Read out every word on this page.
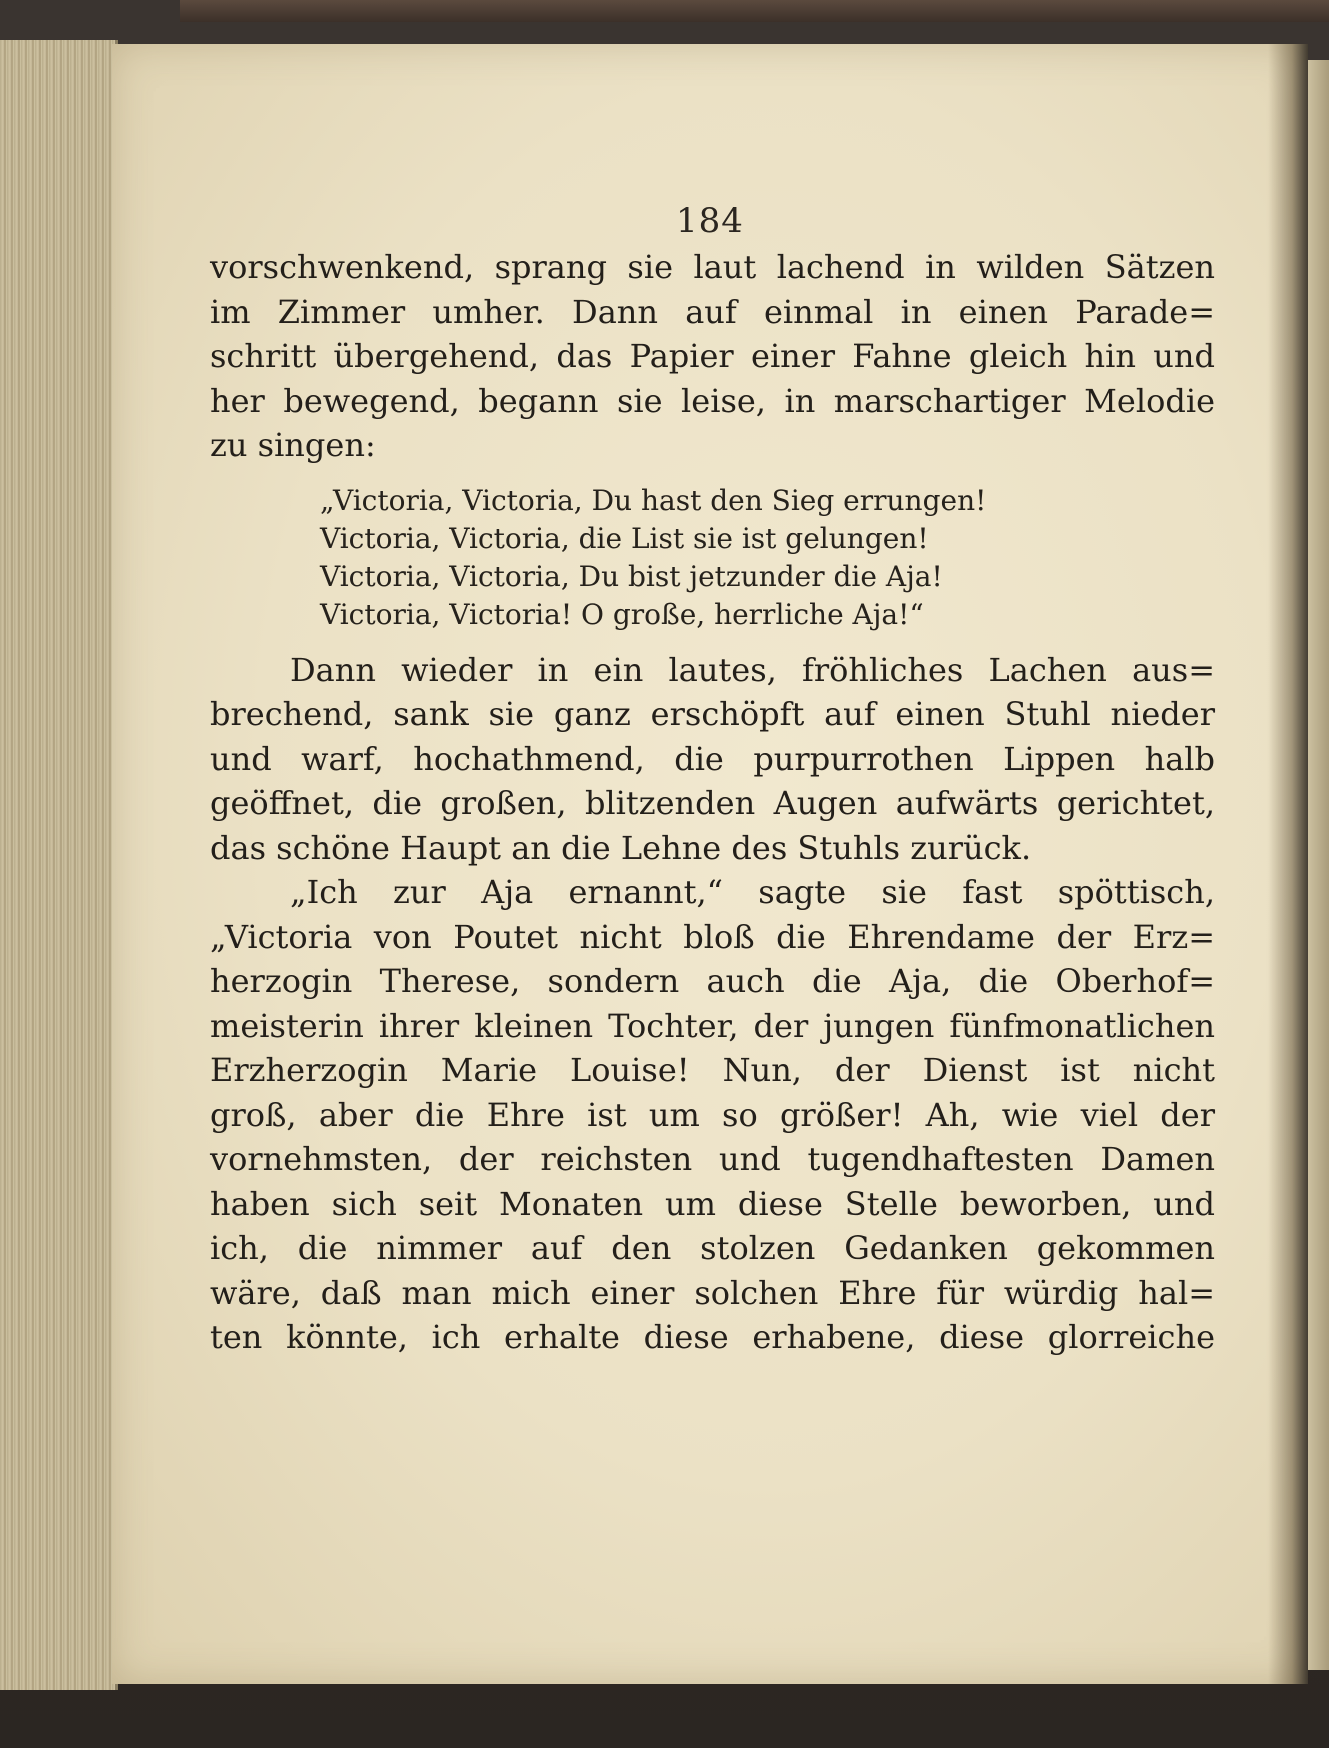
184
vorschwenkend, sprang sie laut lachend in wilden Sätzen
im Zimmer umher. Dann auf einmal in einen Parade=
schritt übergehend, das Papier einer Fahne gleich hin und
her bewegend, begann sie leise, in marschartiger Melodie
zu singen:
„Victoria, Victoria, Du hast den Sieg errungen!
Victoria, Victoria, die List sie ist gelungen!
Victoria, Victoria, Du bist jetzunder die Aja!
Victoria, Victoria! O große, herrliche Aja!“
Dann wieder in ein lautes, fröhliches Lachen aus=
brechend, sank sie ganz erschöpft auf einen Stuhl nieder
und warf, hochathmend, die purpurrothen Lippen halb
geöffnet, die großen, blitzenden Augen aufwärts gerichtet,
das schöne Haupt an die Lehne des Stuhls zurück.
„Ich zur Aja ernannt,“ sagte sie fast spöttisch,
„Victoria von Poutet nicht bloß die Ehrendame der Erz=
herzogin Therese, sondern auch die Aja, die Oberhof=
meisterin ihrer kleinen Tochter, der jungen fünfmonatlichen
Erzherzogin Marie Louise! Nun, der Dienst ist nicht
groß, aber die Ehre ist um so größer! Ah, wie viel der
vornehmsten, der reichsten und tugendhaftesten Damen
haben sich seit Monaten um diese Stelle beworben, und
ich, die nimmer auf den stolzen Gedanken gekommen
wäre, daß man mich einer solchen Ehre für würdig hal=
ten könnte, ich erhalte diese erhabene, diese glorreiche
